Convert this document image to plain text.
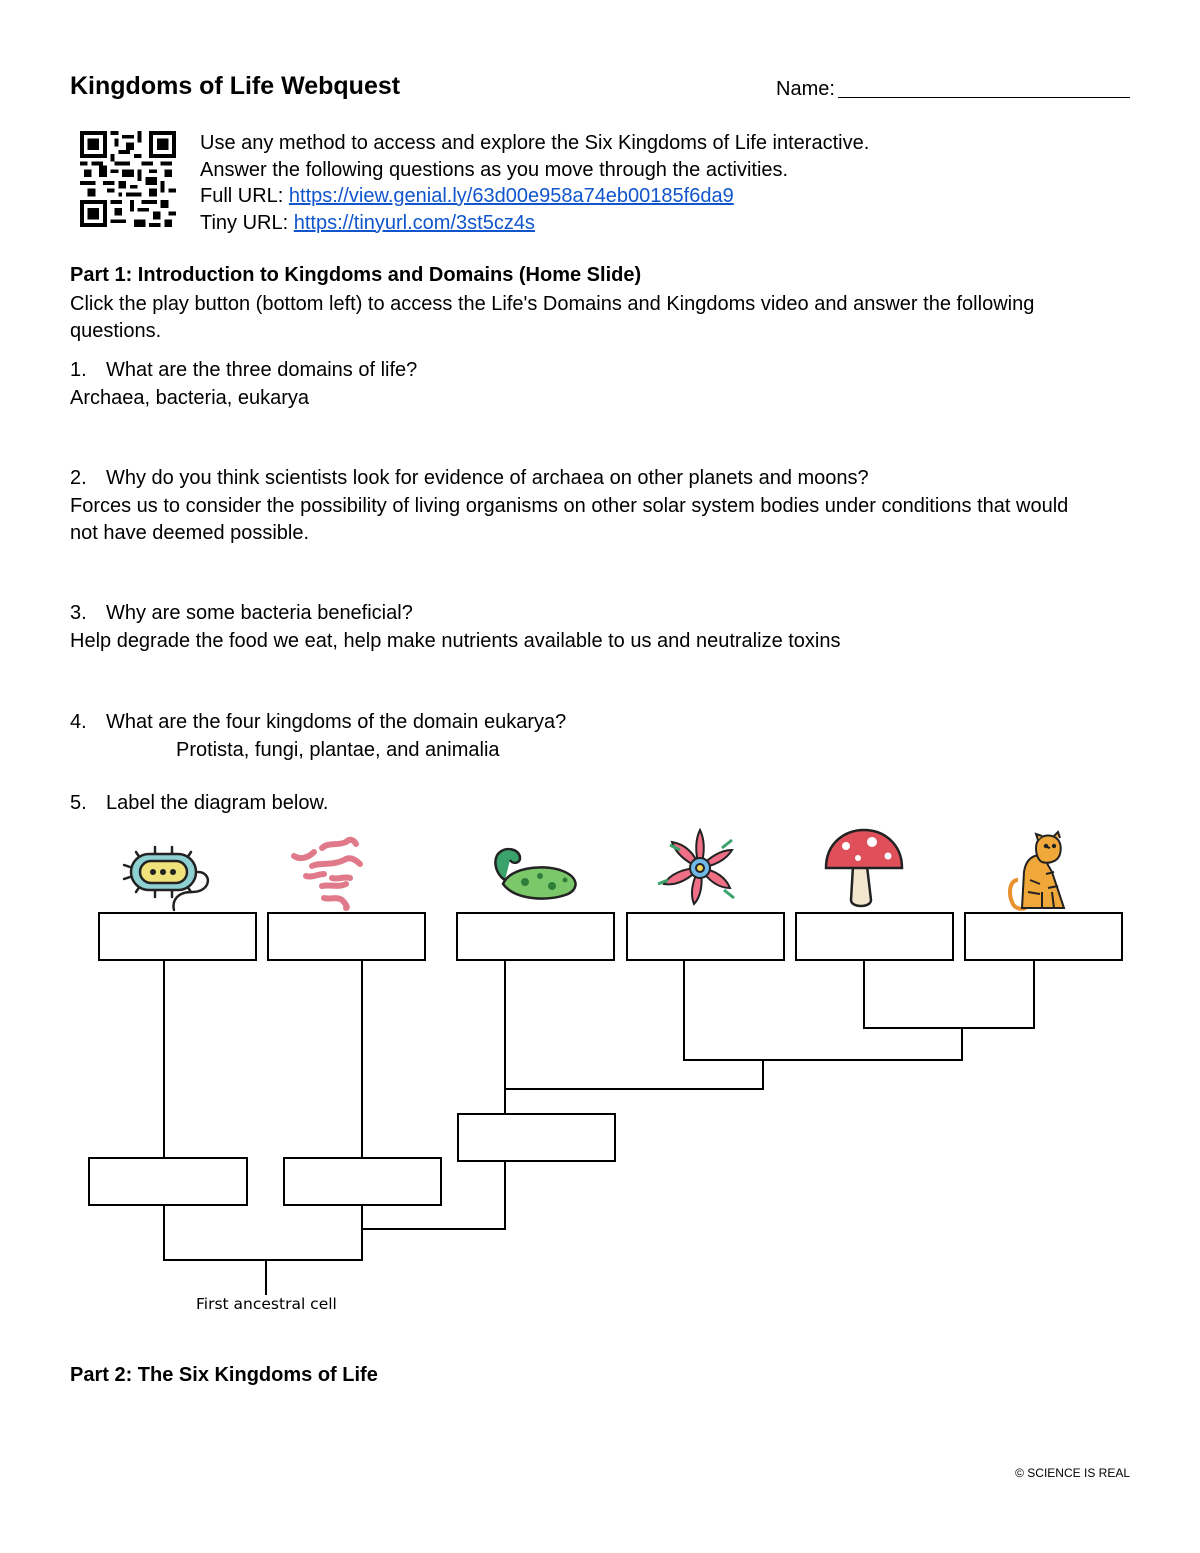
Kingdoms of Life Webquest	Name:
Use any method to access and explore the Six Kingdoms of Life interactive.
Answer the following questions as you move through the activities.
Full URL: https://view.genial.ly/63d00e958a74eb00185f6da9
Tiny URL: https://tinyurl.com/3st5cz4s
Part 1: Introduction to Kingdoms and Domains (Home Slide)
Click the play button (bottom left) to access the Life's Domains and Kingdoms video and answer the following questions.
1. What are the three domains of life?
Archaea, bacteria, eukarya
2. Why do you think scientists look for evidence of archaea on other planets and moons?
Forces us to consider the possibility of living organisms on other solar system bodies under conditions that would not have deemed possible.
3. Why are some bacteria beneficial?
Help degrade the food we eat, help make nutrients available to us and neutralize toxins
4. What are the four kingdoms of the domain eukarya?
Protista, fungi, plantae, and animalia
5. Label the diagram below.
First ancestral cell
Part 2: The Six Kingdoms of Life
© SCIENCE IS REAL
